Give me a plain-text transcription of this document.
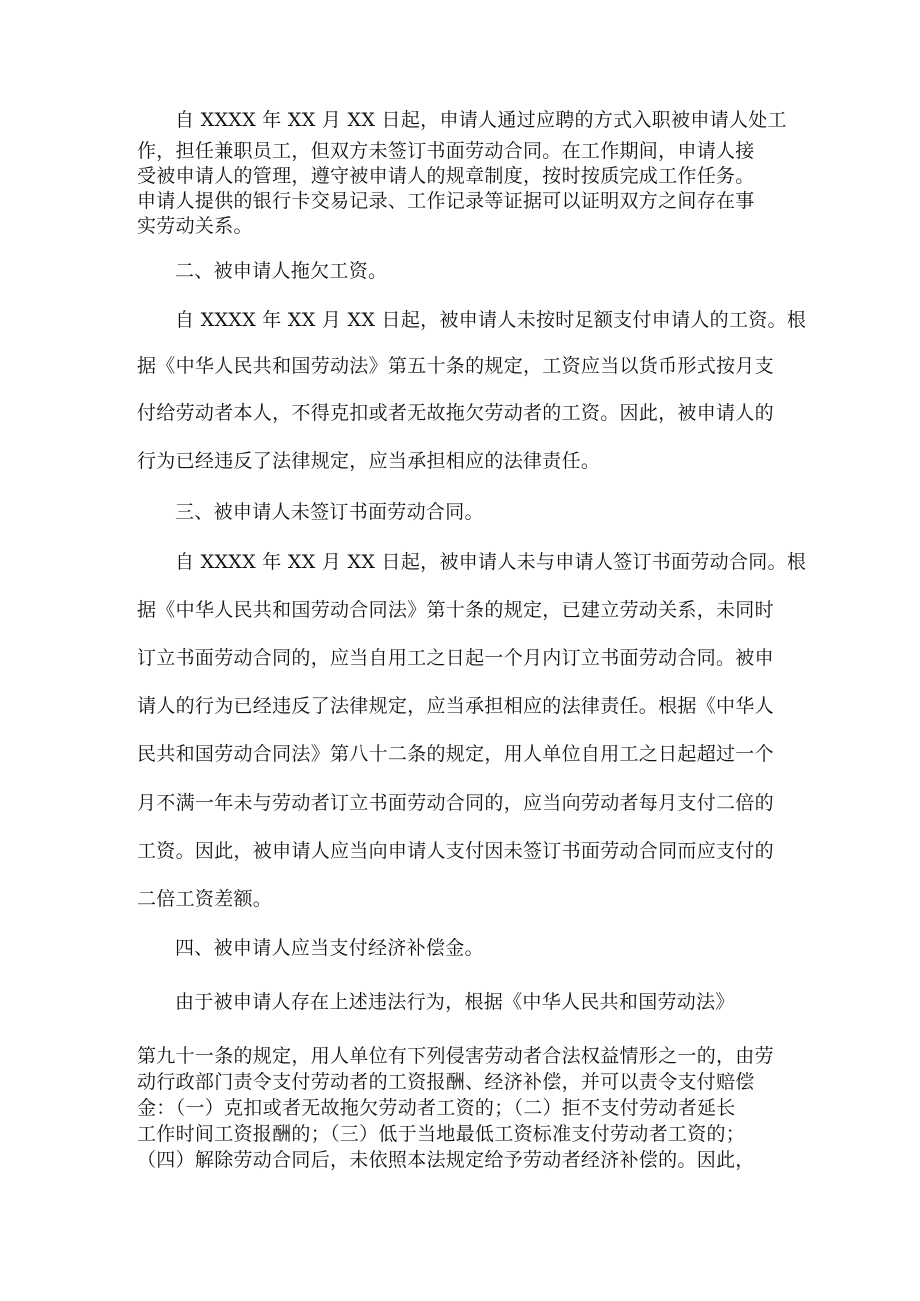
自 XXXX 年 XX 月 XX 日起，申请人通过应聘的方式入职被申请人处工
作，担任兼职员工，但双方未签订书面劳动合同。在工作期间，申请人接
受被申请人的管理，遵守被申请人的规章制度，按时按质完成工作任务。
申请人提供的银行卡交易记录、工作记录等证据可以证明双方之间存在事
实劳动关系。
二、被申请人拖欠工资。
自 XXXX 年 XX 月 XX 日起，被申请人未按时足额支付申请人的工资。根
据《中华人民共和国劳动法》第五十条的规定，工资应当以货币形式按月支
付给劳动者本人，不得克扣或者无故拖欠劳动者的工资。因此，被申请人的
行为已经违反了法律规定，应当承担相应的法律责任。
三、被申请人未签订书面劳动合同。
自 XXXX 年 XX 月 XX 日起，被申请人未与申请人签订书面劳动合同。根
据《中华人民共和国劳动合同法》第十条的规定，已建立劳动关系，未同时
订立书面劳动合同的，应当自用工之日起一个月内订立书面劳动合同。被申
请人的行为已经违反了法律规定，应当承担相应的法律责任。根据《中华人
民共和国劳动合同法》第八十二条的规定，用人单位自用工之日起超过一个
月不满一年未与劳动者订立书面劳动合同的，应当向劳动者每月支付二倍的
工资。因此，被申请人应当向申请人支付因未签订书面劳动合同而应支付的
二倍工资差额。
四、被申请人应当支付经济补偿金。
由于被申请人存在上述违法行为，根据《中华人民共和国劳动法》
第九十一条的规定，用人单位有下列侵害劳动者合法权益情形之一的，由劳
动行政部门责令支付劳动者的工资报酬、经济补偿，并可以责令支付赔偿
金：（一）克扣或者无故拖欠劳动者工资的；（二）拒不支付劳动者延长
工作时间工资报酬的；（三）低于当地最低工资标准支付劳动者工资的；
（四）解除劳动合同后，未依照本法规定给予劳动者经济补偿的。因此，
